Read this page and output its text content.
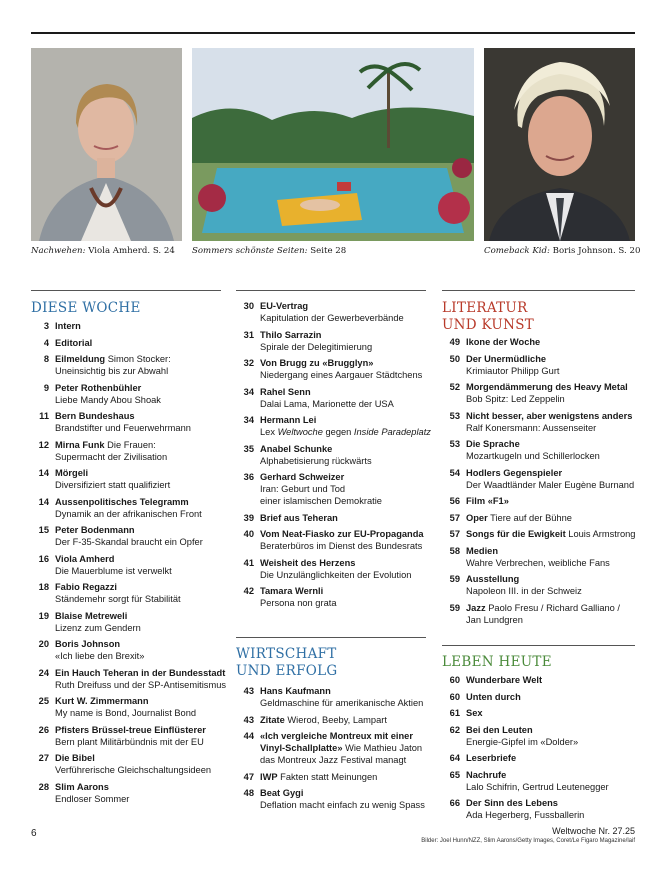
Nachwehen: Viola Amherd. S. 24 Sommers schönste Seiten: Seite 28	Comeback Kid: Boris Johnson. S. 20
DIESE WOCHE
3 Intern
4 Editorial
8 Eilmeldung Simon Stocker:
Uneinsichtig bis zur Abwahl
9 Peter Rothenbühler
Liebe Mandy Abou Shoak
11 Bern Bundeshaus
Brandstifter und Feuerwehrmann
12 Mirna Funk Die Frauen:
Supermacht der Zivilisation
14 Mörgeli
Diversifiziert statt qualifiziert
14 Aussenpolitisches Telegramm
Dynamik an der afrikanischen Front
15 Peter Bodenmann
Der F-35-Skandal braucht ein Opfer
16 Viola Amherd
Die Mauerblume ist verwelkt
18 Fabio Regazzi
Ständemehr sorgt für Stabilität
19 Blaise Metreweli
Lizenz zum Gendern
20 Boris Johnson
«Ich liebe den Brexit»
24 Ein Hauch Teheran in der Bundesstadt
Ruth Dreifuss und der SP-Antisemitismus
25 Kurt W. Zimmermann
My name is Bond, Journalist Bond
26 Pfisters Brüssel-treue Einflüsterer
Bern plant Militärbündnis mit der EU
27 Die Bibel
Verführerische Gleichschaltungsideen
28 Slim Aarons
Endloser Sommer
30 EU-Vertrag
Kapitulation der Gewerbeverbände
31 Thilo Sarrazin
Spirale der Delegitimierung
32 Von Brugg zu «Brugglyn»
Niedergang eines Aargauer Städtchens
34 Rahel Senn
Dalai Lama, Marionette der USA
34 Hermann Lei
Lex Weltwoche gegen Inside Paradeplatz
35 Anabel Schunke
Alphabetisierung rückwärts
36 Gerhard Schweizer
Iran: Geburt und Tod
einer islamischen Demokratie
39 Brief aus Teheran
40 Vom Neat-Fiasko zur EU-Propaganda
Beraterbüros im Dienst des Bundesrats
41 Weisheit des Herzens
Die Unzulänglichkeiten der Evolution
42 Tamara Wernli
Persona non grata
WIRTSCHAFT
UND ERFOLG
43 Hans Kaufmann
Geldmaschine für amerikanische Aktien
43 Zitate Wierod, Beeby, Lampart
44 «Ich vergleiche Montreux mit einer
Vinyl-Schallplatte» Wie Mathieu Jaton
das Montreux Jazz Festival managt
47 IWP Fakten statt Meinungen
48 Beat Gygi
Deflation macht einfach zu wenig Spass
LITERATUR
UND KUNST
49 Ikone der Woche
50 Der Unermüdliche
Krimiautor Philipp Gurt
52 Morgendämmerung des Heavy Metal
Bob Spitz: Led Zeppelin
53 Nicht besser, aber wenigstens anders
Ralf Konersmann: Aussenseiter
53 Die Sprache
Mozartkugeln und Schillerlocken
54 Hodlers Gegenspieler
Der Waadtländer Maler Eugène Burnand
56 Film «F1»
57 Oper Tiere auf der Bühne
57 Songs für die Ewigkeit Louis Armstrong
58 Medien
Wahre Verbrechen, weibliche Fans
59 Ausstellung
Napoleon III. in der Schweiz
59 Jazz Paolo Fresu / Richard Galliano /
Jan Lundgren
LEBEN HEUTE
60 Wunderbare Welt
60 Unten durch
61 Sex
62 Bei den Leuten
Energie-Gipfel im «Dolder»
64 Leserbriefe
65 Nachrufe
Lalo Schifrin, Gertrud Leutenegger
66 Der Sinn des Lebens
Ada Hegerberg, Fussballerin
6	Weltwoche Nr. 27.25
Bilder: Joel Hunn/NZZ, Slim Aarons/Getty Images, Coret/Le Figaro Magazine/laif
